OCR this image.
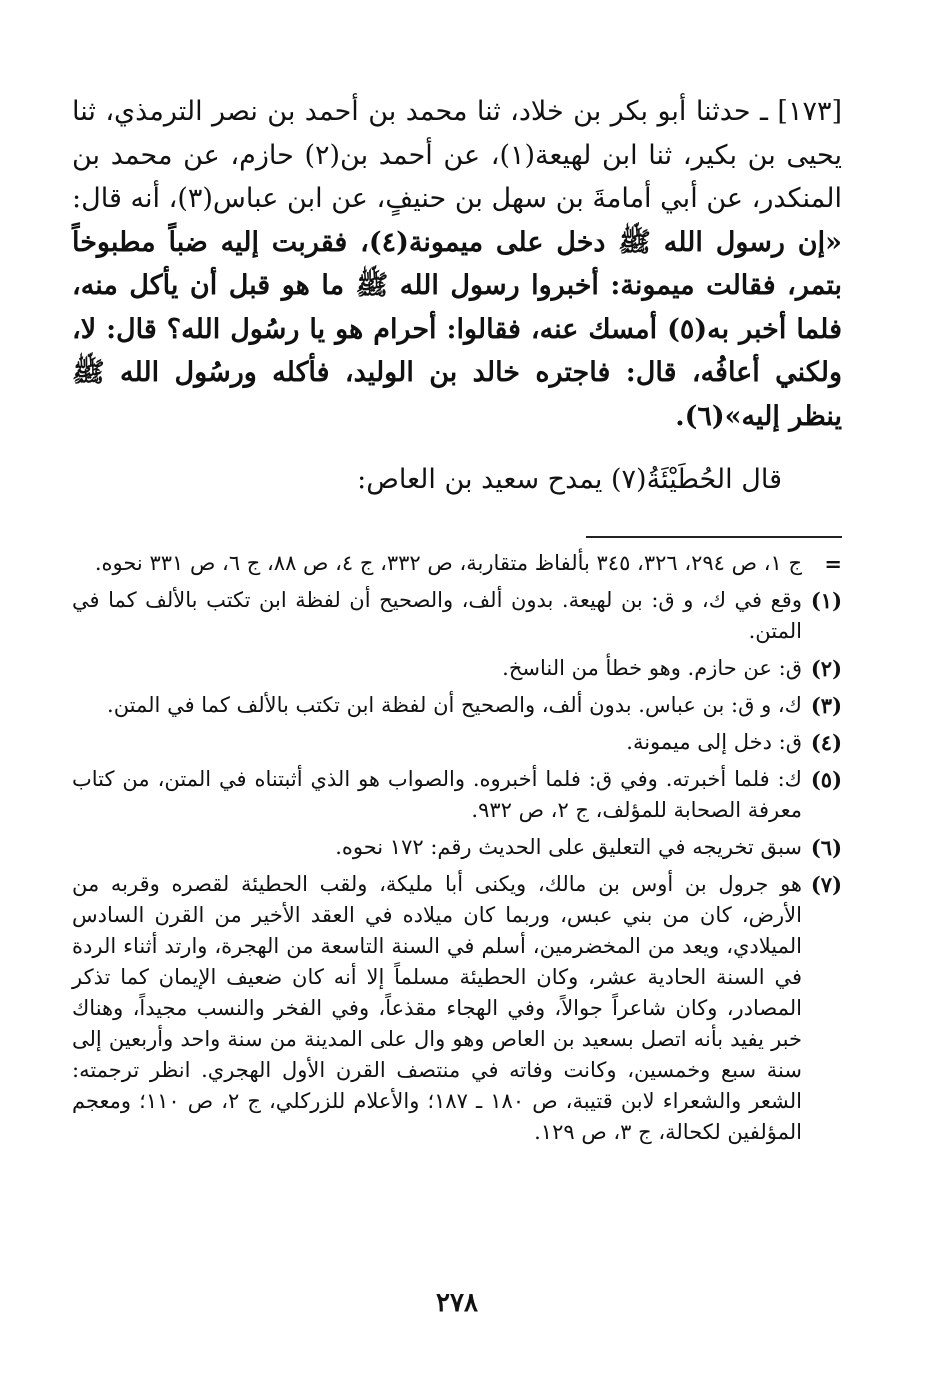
[١٧٣] ـ حدثنا أبو بكر بن خلاد، ثنا محمد بن أحمد بن نصر الترمذي، ثنا يحيى بن بكير، ثنا ابن لهيعة(١)، عن أحمد بن(٢) حازم، عن محمد بن المنكدر، عن أبي أمامةَ بن سهل بن حنيفٍ، عن ابن عباس(٣)، أنه قال: «إن رسول الله ﷺ دخل على ميمونة(٤)، فقربت إليه ضباً مطبوخاً بتمر، فقالت ميمونة: أخبروا رسول الله ﷺ ما هو قبل أن يأكل منه، فلما أخبر به(٥) أمسك عنه، فقالوا: أحرام هو يا رسُول الله؟ قال: لا، ولكني أعافُه، قال: فاجتره خالد بن الوليد، فأكله ورسُول الله ﷺ ينظر إليه»(٦).

قال الحُطَيْئَةُ(٧) يمدح سعيد بن العاص:

=
ج ١، ص ٢٩٤، ٣٢٦، ٣٤٥ بألفاظ متقاربة، ص ٣٣٢، ج ٤، ص ٨٨، ج ٦، ص ٣٣١ نحوه.
(١)
وقع في ك، و ق: بن لهيعة. بدون ألف، والصحيح أن لفظة ابن تكتب بالألف كما في المتن.
(٢)
ق: عن حازم. وهو خطأ من الناسخ.
(٣)
ك، و ق: بن عباس. بدون ألف، والصحيح أن لفظة ابن تكتب بالألف كما في المتن.
(٤)
ق: دخل إلى ميمونة.
(٥)
ك: فلما أخبرته. وفي ق: فلما أخبروه. والصواب هو الذي أثبتناه في المتن، من كتاب معرفة الصحابة للمؤلف، ج ٢، ص ٩٣٢.
(٦)
سبق تخريجه في التعليق على الحديث رقم: ١٧٢ نحوه.
(٧)
هو جرول بن أوس بن مالك، ويكنى أبا مليكة، ولقب الحطيئة لقصره وقربه من الأرض، كان من بني عبس، وربما كان ميلاده في العقد الأخير من القرن السادس الميلادي، ويعد من المخضرمين، أسلم في السنة التاسعة من الهجرة، وارتد أثناء الردة في السنة الحادية عشر، وكان الحطيئة مسلماً إلا أنه كان ضعيف الإيمان كما تذكر المصادر، وكان شاعراً جوالاً، وفي الهجاء مقذعاً، وفي الفخر والنسب مجيداً، وهناك خبر يفيد بأنه اتصل بسعيد بن العاص وهو وال على المدينة من سنة واحد وأربعين إلى سنة سبع وخمسين، وكانت وفاته في منتصف القرن الأول الهجري. انظر ترجمته: الشعر والشعراء لابن قتيبة، ص ١٨٠ ـ ١٨٧؛ والأعلام للزركلي، ج ٢، ص ١١٠؛ ومعجم المؤلفين لكحالة، ج ٣، ص ١٢٩.
٢٧٨
